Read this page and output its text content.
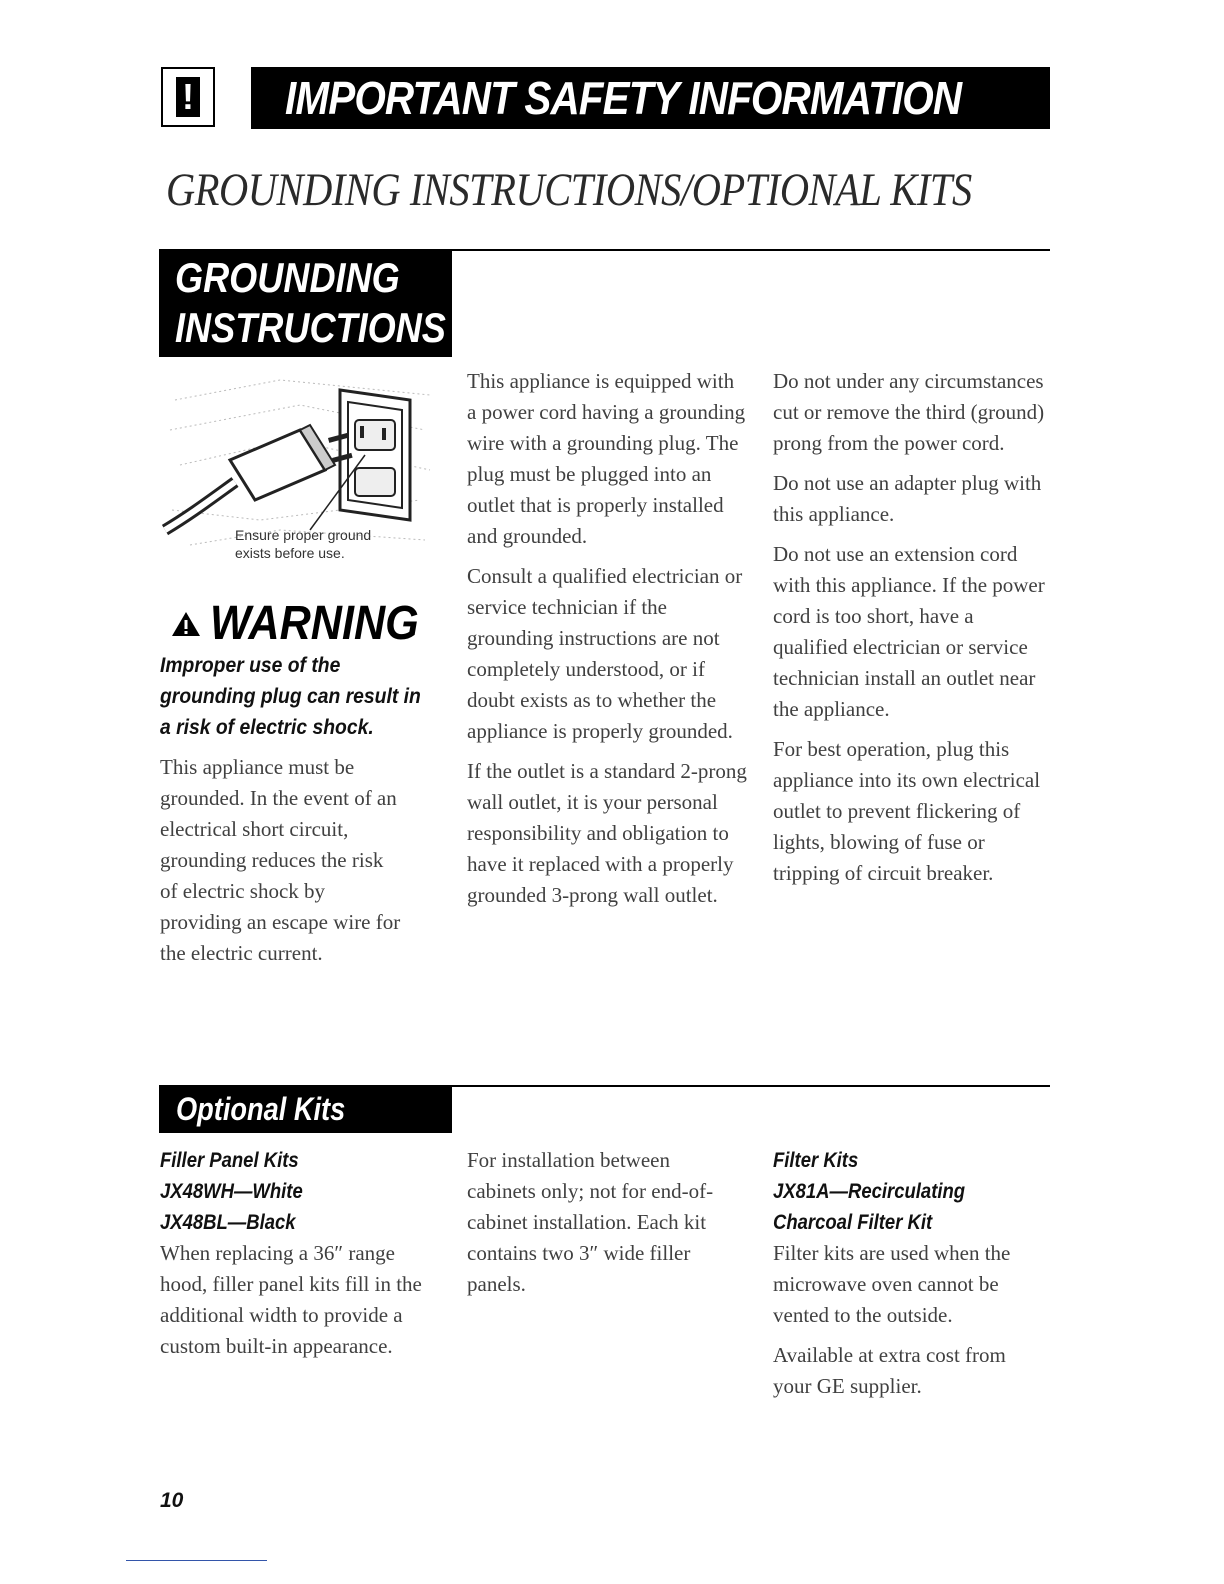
! IMPORTANT SAFETY INFORMATION
GROUNDING INSTRUCTIONS/OPTIONAL KITS
GROUNDING
INSTRUCTIONS
Ensure proper ground
exists before use.
WARNING
Improper use of the
grounding plug can result in
a risk of electric shock.

This appliance must be grounded. In the event of an electrical short circuit, grounding reduces the risk of electric shock by providing an escape wire for the electric current.

This appliance is equipped with a power cord having a grounding wire with a grounding plug. The plug must be plugged into an outlet that is properly installed and grounded.

Consult a qualified electrician or service technician if the grounding instructions are not completely understood, or if doubt exists as to whether the appliance is properly grounded.

If the outlet is a standard 2-prong wall outlet, it is your personal responsibility and obligation to have it replaced with a properly grounded 3-prong wall outlet.

Do not under any circumstances cut or remove the third (ground) prong from the power cord.

Do not use an adapter plug with this appliance.

Do not use an extension cord with this appliance. If the power cord is too short, have a qualified electrician or service technician install an outlet near the appliance.

For best operation, plug this appliance into its own electrical outlet to prevent flickering of lights, blowing of fuse or tripping of circuit breaker.

Optional Kits
Filler Panel Kits
JX48WH—White
JX48BL—Black
When replacing a 36″ range hood, filler panel kits fill in the additional width to provide a custom built-in appearance.
For installation between cabinets only; not for end-of-cabinet installation. Each kit contains two 3″ wide filler panels.
Filter Kits
JX81A—Recirculating
Charcoal Filter Kit
Filter kits are used when the microwave oven cannot be vented to the outside.
Available at extra cost from your GE supplier.
10
